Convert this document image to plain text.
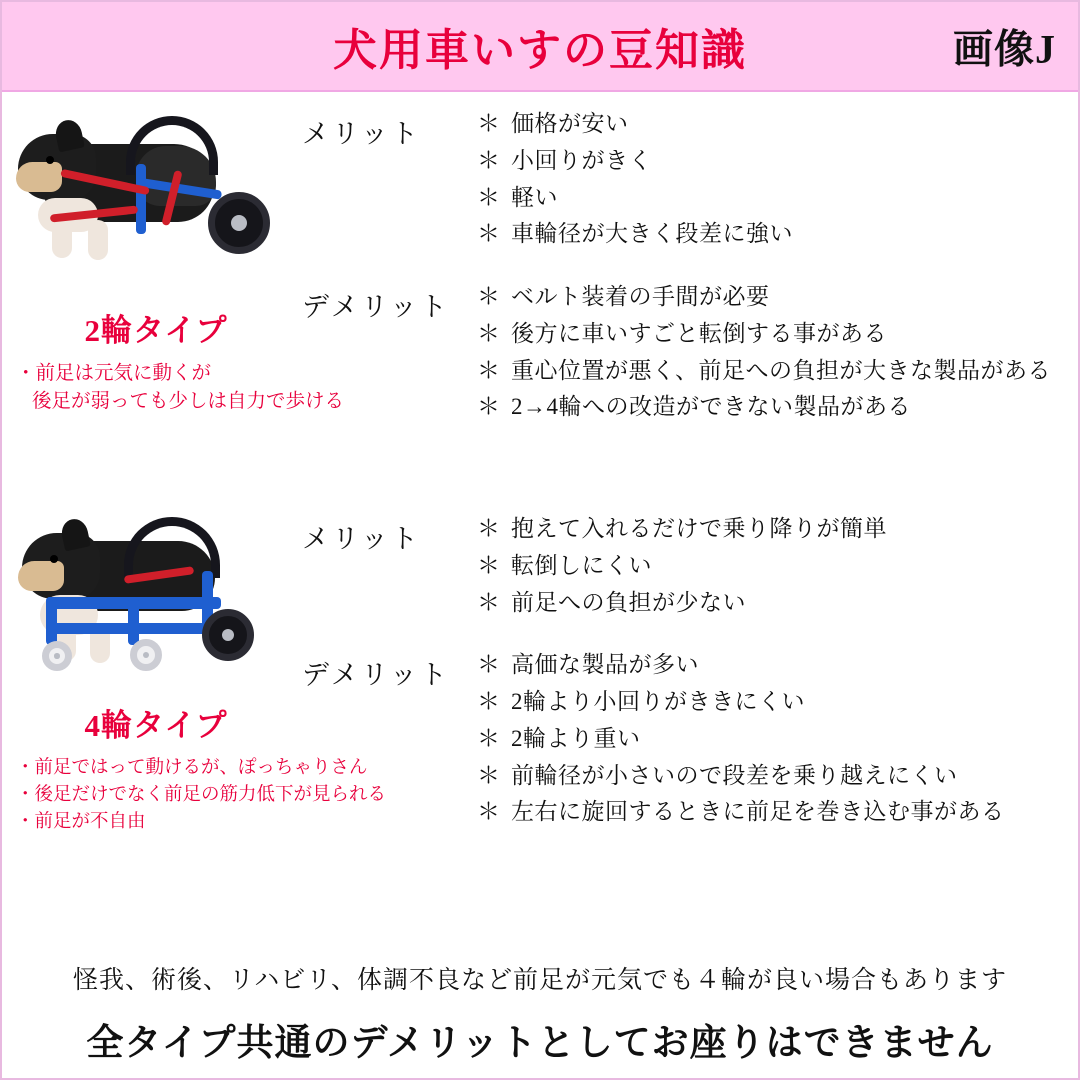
犬用車いすの豆知識	画像J
2輪タイプ
・前足は元気に動くが
後足が弱っても少しは自力で歩ける
メリット	＊ 価格が安い
＊ 小回りがきく
＊ 軽い
＊ 車輪径が大きく段差に強い
デメリット	＊ ベルト装着の手間が必要
＊ 後方に車いすごと転倒する事がある
＊ 重心位置が悪く、前足への負担が大きな製品がある
＊ 2→4輪への改造ができない製品がある
4輪タイプ
・前足ではって動けるが、ぽっちゃりさん
・後足だけでなく前足の筋力低下が見られる
・前足が不自由
メリット	＊ 抱えて入れるだけで乗り降りが簡単
＊ 転倒しにくい
＊ 前足への負担が少ない
デメリット	＊ 高価な製品が多い
＊ 2輪より小回りがききにくい
＊ 2輪より重い
＊ 前輪径が小さいので段差を乗り越えにくい
＊ 左右に旋回するときに前足を巻き込む事がある
怪我、術後、リハビリ、体調不良など前足が元気でも４輪が良い場合もあります
全タイプ共通のデメリットとしてお座りはできません
